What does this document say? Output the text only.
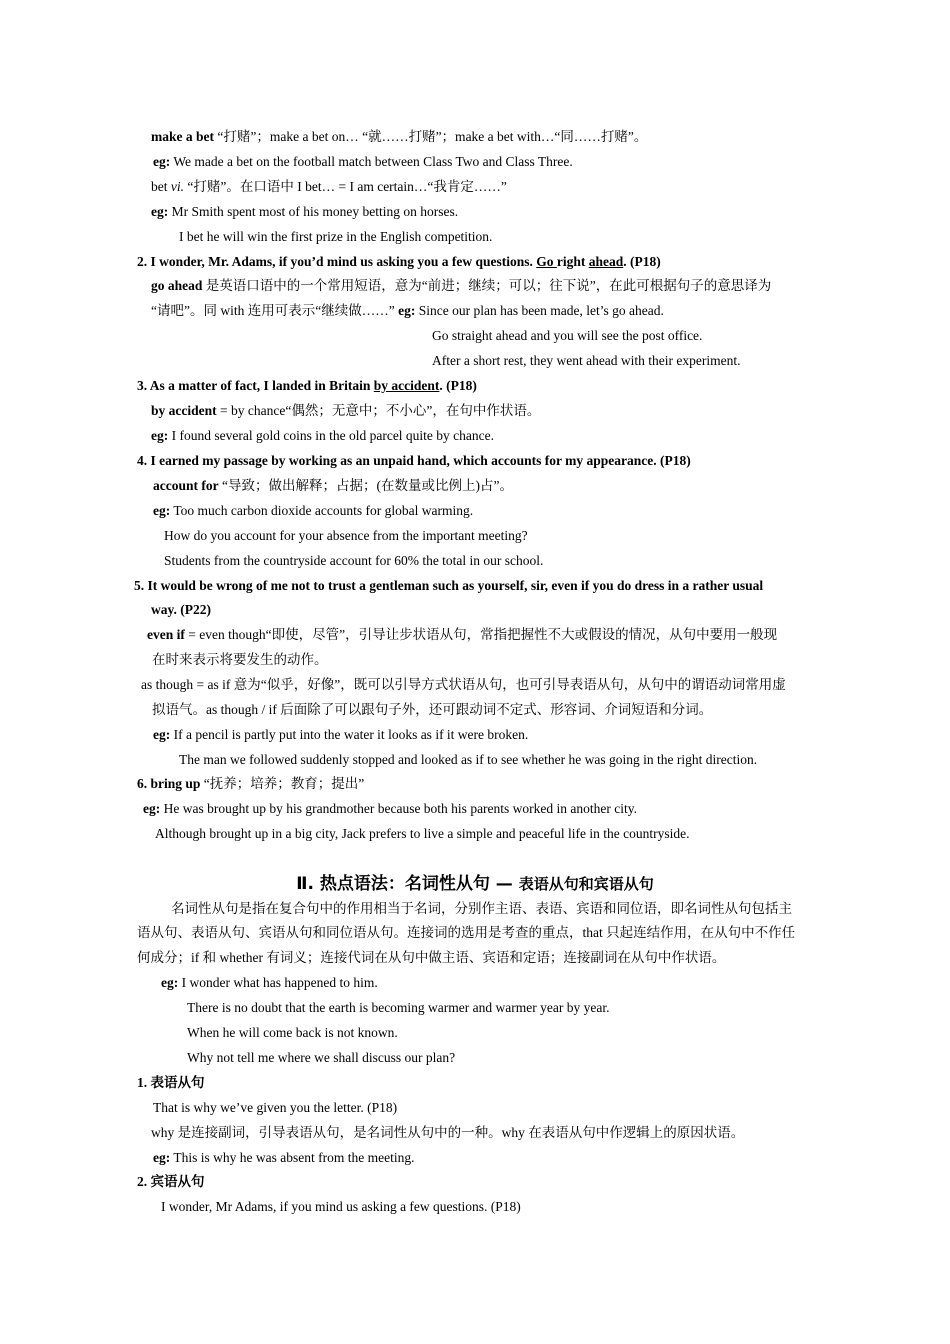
make a bet “打赌”；make a bet on… “就……打赌”；make a bet with…“同……打赌”。
eg: We made a bet on the football match between Class Two and Class Three.
bet vi. “打赌”。在口语中 I bet… = I am certain…“我肯定……”
eg: Mr Smith spent most of his money betting on horses.
I bet he will win the first prize in the English competition.
2. I wonder, Mr. Adams, if you’d mind us asking you a few questions. Go right ahead. (P18)
go ahead 是英语口语中的一个常用短语，意为“前进；继续；可以；往下说”，在此可根据句子的意思译为
“请吧”。同 with 连用可表示“继续做……” eg: Since our plan has been made, let’s go ahead.
Go straight ahead and you will see the post office.
After a short rest, they went ahead with their experiment.
3. As a matter of fact, I landed in Britain by accident. (P18)
by accident = by chance“偶然；无意中；不小心”，在句中作状语。
eg: I found several gold coins in the old parcel quite by chance.
4. I earned my passage by working as an unpaid hand, which accounts for my appearance. (P18)
account for “导致；做出解释；占据；(在数量或比例上)占”。
eg: Too much carbon dioxide accounts for global warming.
How do you account for your absence from the important meeting?
Students from the countryside account for 60% the total in our school.
5. It would be wrong of me not to trust a gentleman such as yourself, sir, even if you do dress in a rather usual
way. (P22)
even if = even though“即使，尽管”，引导让步状语从句，常指把握性不大或假设的情况，从句中要用一般现
在时来表示将要发生的动作。
as though = as if 意为“似乎，好像”，既可以引导方式状语从句，也可引导表语从句，从句中的谓语动词常用虚
拟语气。as though / if 后面除了可以跟句子外，还可跟动词不定式、形容词、介词短语和分词。
eg: If a pencil is partly put into the water it looks as if it were broken.
The man we followed suddenly stopped and looked as if to see whether he was going in the right direction.
6. bring up “抚养；培养；教育；提出”
eg: He was brought up by his grandmother because both his parents worked in another city.
Although brought up in a big city, Jack prefers to live a simple and peaceful life in the countryside.
Ⅱ. 热点语法：名词性从句 — 表语从句和宾语从句
名词性从句是指在复合句中的作用相当于名词，分别作主语、表语、宾语和同位语，即名词性从句包括主
语从句、表语从句、宾语从句和同位语从句。连接词的选用是考查的重点，that 只起连结作用，在从句中不作任
何成分；if 和 whether 有词义；连接代词在从句中做主语、宾语和定语；连接副词在从句中作状语。
eg: I wonder what has happened to him.
There is no doubt that the earth is becoming warmer and warmer year by year.
When he will come back is not known.
Why not tell me where we shall discuss our plan?
1. 表语从句
That is why we’ve given you the letter. (P18)
why 是连接副词，引导表语从句，是名词性从句中的一种。why 在表语从句中作逻辑上的原因状语。
eg: This is why he was absent from the meeting.
2. 宾语从句
I wonder, Mr Adams, if you mind us asking a few questions. (P18)
